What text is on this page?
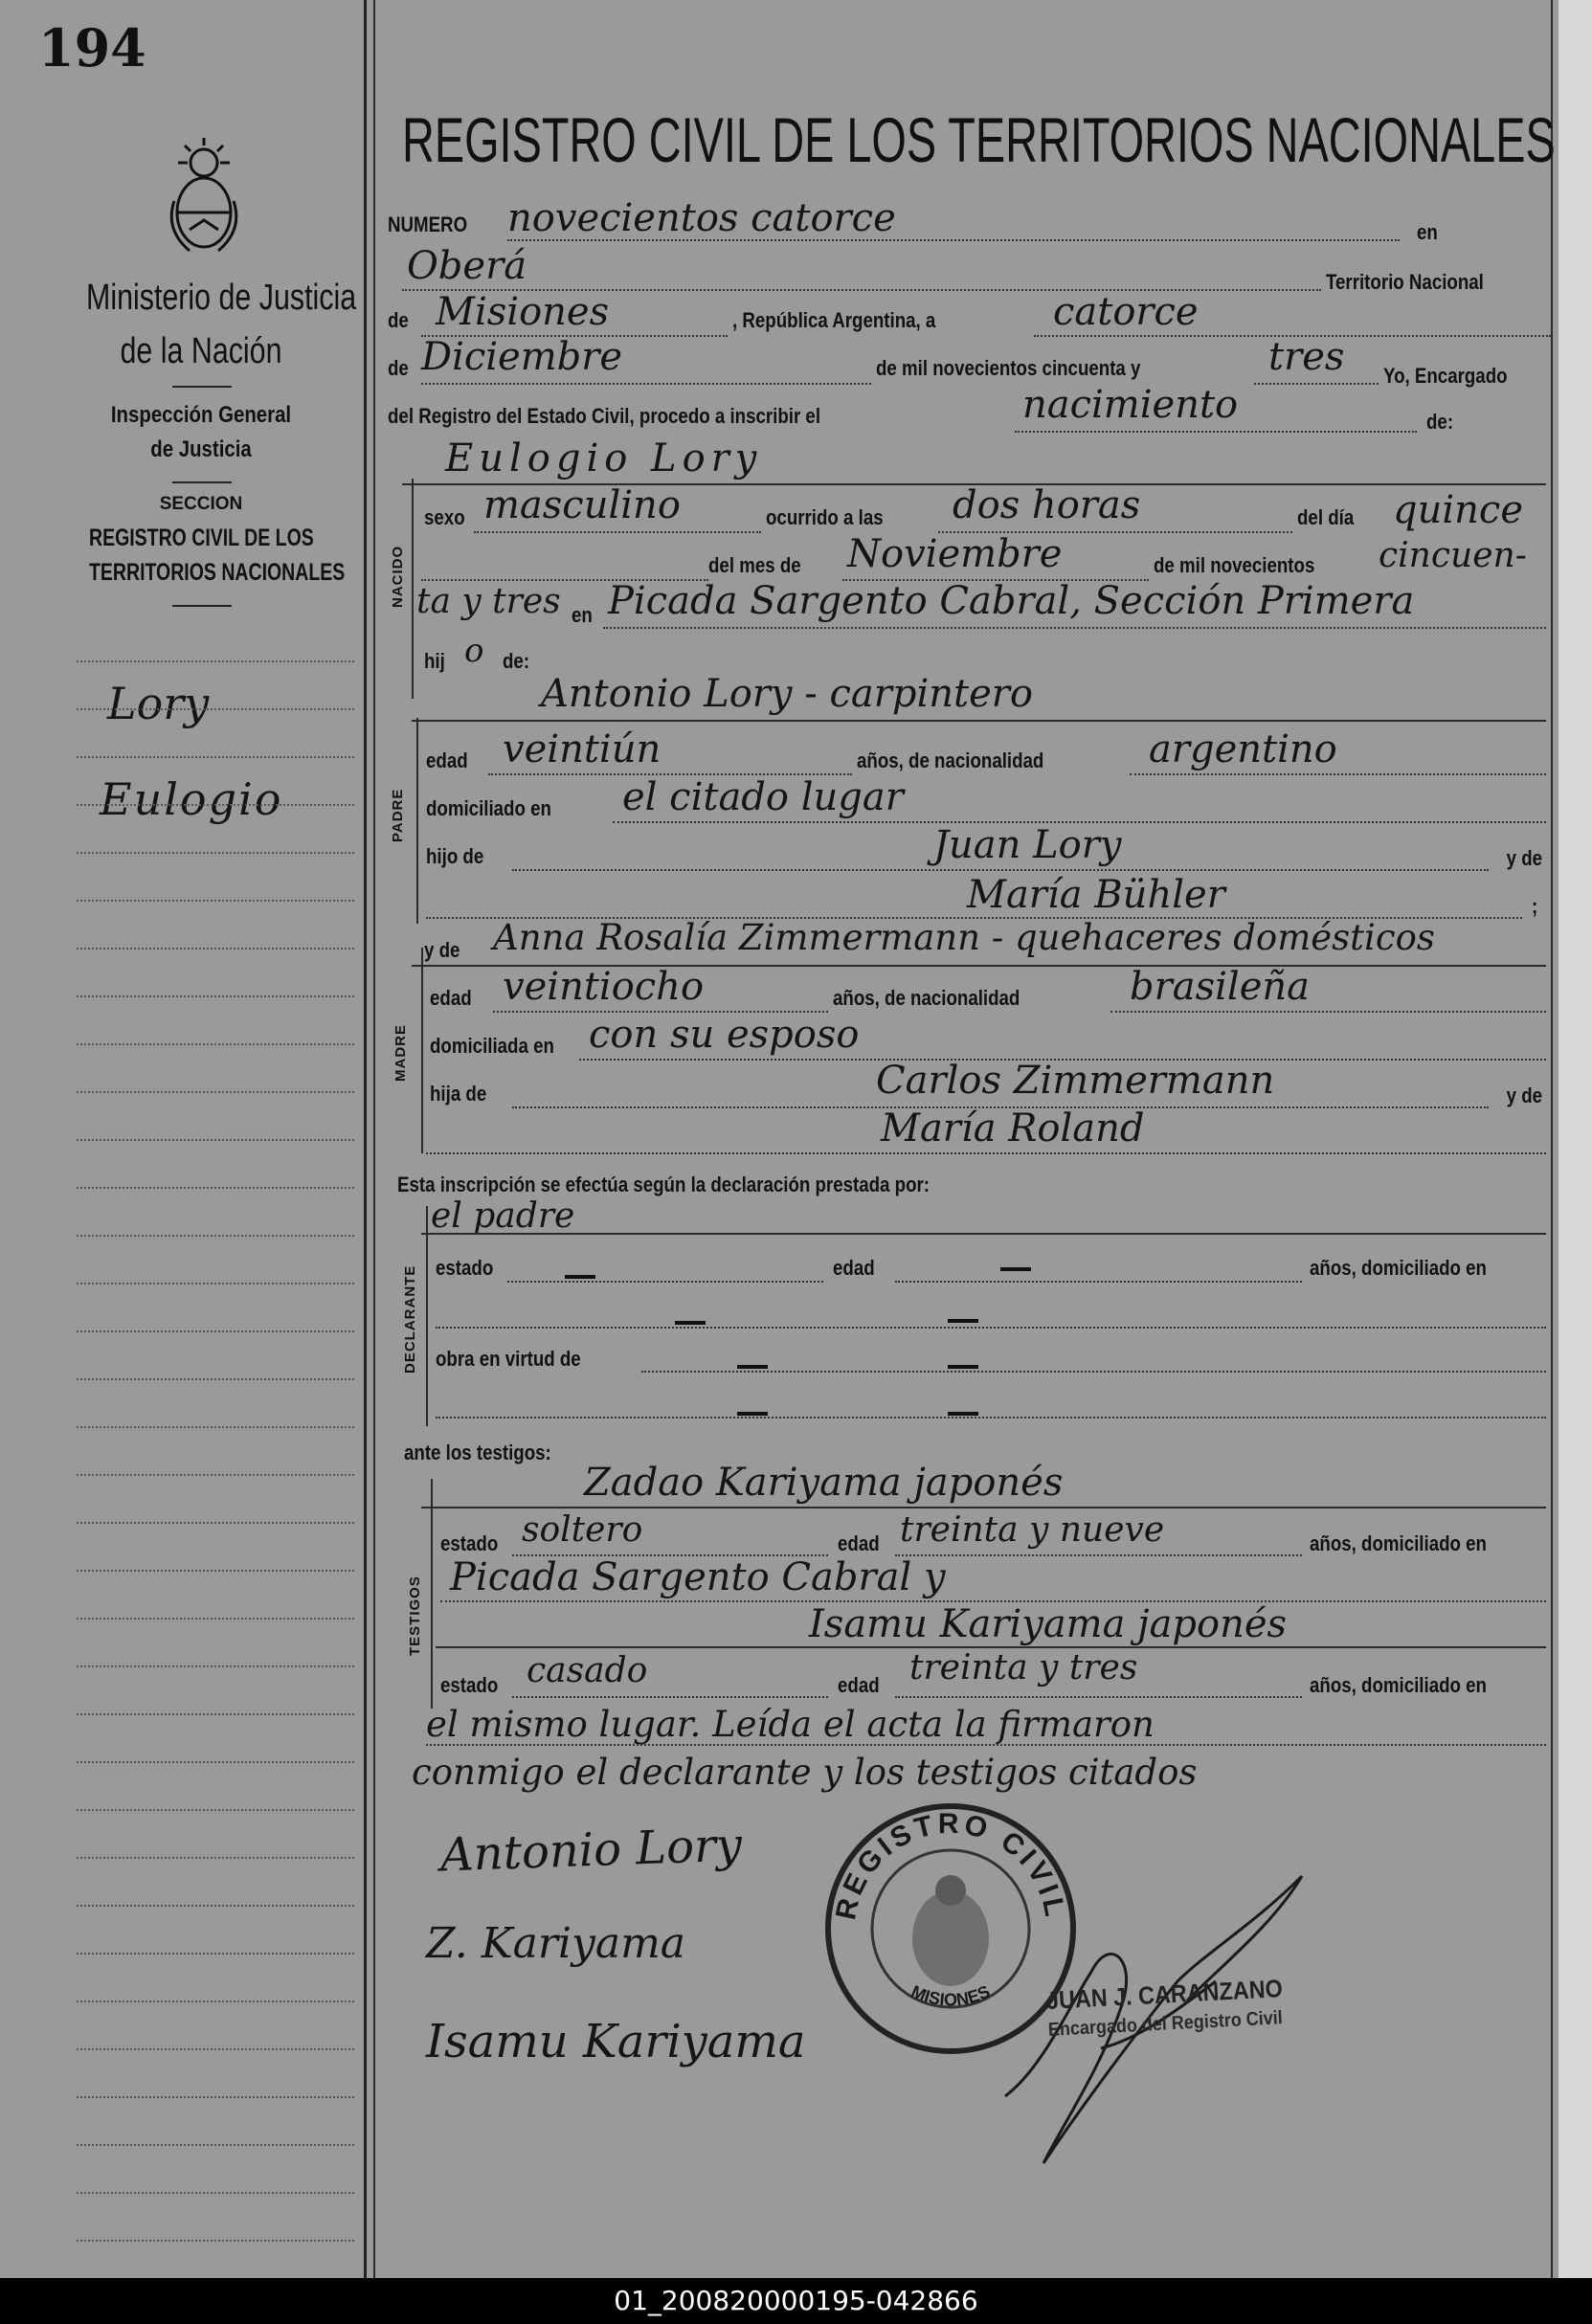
194
Ministerio de Justicia
de la Nación
Inspección General
de Justicia
SECCION
REGISTRO CIVIL DE LOS
TERRITORIOS NACIONALES
Lory
Eulogio
REGISTRO CIVIL DE LOS TERRITORIOS NACIONALES
NUMERO novecientos catorce	en
Oberá	Territorio Nacional
de Misiones	, República Argentina, a	catorce
de Diciembre	de mil novecientos cincuenta y	tres Yo, Encargado
del Registro del Estado Civil, procedo a inscribir el	nacimiento	de:
Eulogio Lory
NACIDO
sexo masculino	ocurrido a las dos horas	del día quince
del mes de Noviembre	de mil novecientos cincuen-
ta y tres en Picada Sargento Cabral, Sección Primera
hij o de:
Antonio Lory - carpintero
PADRE
edad veintiún	años, de nacionalidad	argentino
domiciliado en el citado lugar
hijo de	Juan Lory	y de
María Bühler	;
y de Anna Rosalía Zimmermann - quehaceres domésticos
MADRE
edad veintiocho	años, de nacionalidad	brasileña
domiciliada en con su esposo
hija de	Carlos Zimmermann	y de
María Roland
Esta inscripción se efectúa según la declaración prestada por:
el padre
DECLARANTE estado	edad	años, domiciliado en
obra en virtud de
ante los testigos:
Zadao Kariyama japonés
TESTIGOS
estado soltero	edad treinta y nueve	años, domiciliado en
Picada Sargento Cabral y
Isamu Kariyama japonés
estado casado	edad treinta y tres	años, domiciliado en
el mismo lugar. Leída el acta la firmaron
conmigo el declarante y los testigos citados
Antonio Lory
Z. Kariyama
Isamu Kariyama
REGISTRO CIVIL
MISIONES JUAN J. CARANZANO
Encargado del Registro Civil
01_200820000195-042866
